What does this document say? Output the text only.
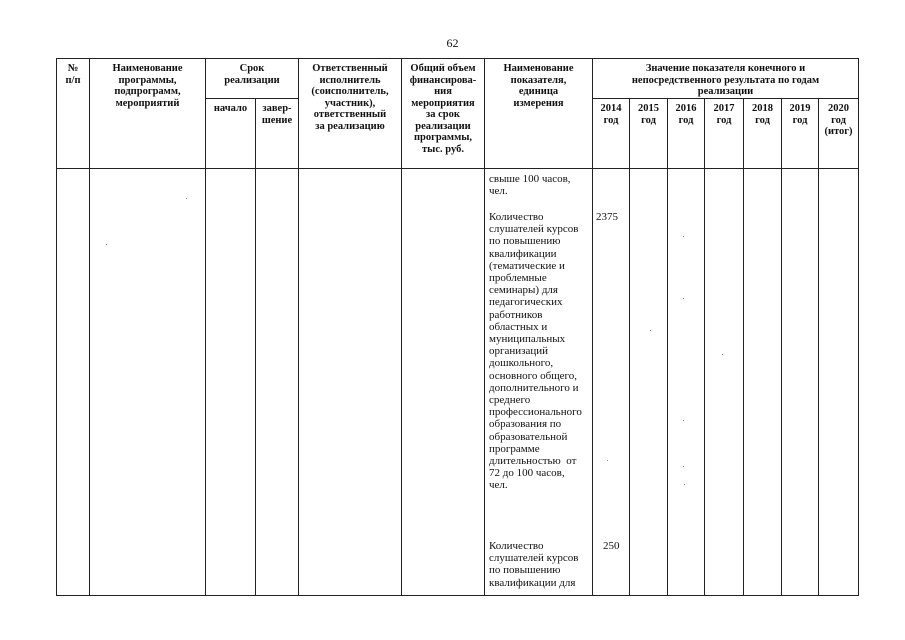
62
№
п/п
Наименование
программы,
подпрограмм,
мероприятий
Срок
реализации
начало	завер-
шение
Ответственный
исполнитель
(соисполнитель,
участник),
ответственный
за реализацию
Общий объем
финансирова-
ния
мероприятия
за срок
реализации
программы,
тыс. руб.
Наименование
показателя,
единица
измерения
Значение показателя конечного и
непосредственного результата по годам
реализации
2014
год
2015
год
2016
год
2017
год
2018
год
2019
год
2020
год
(итог)
свыше 100 часов,
чел.
Количество
слушателей курсов
по повышению
квалификации
(тематические и
проблемные
семинары) для
педагогических
работников
областных и
муниципальных
организаций
дошкольного,
основного общего,
дополнительного и
среднего
профессионального
образования по
образовательной
программе
длительностью  от
72 до 100 часов,
чел.
2375
Количество
слушателей курсов
по повышению
квалификации для
250
